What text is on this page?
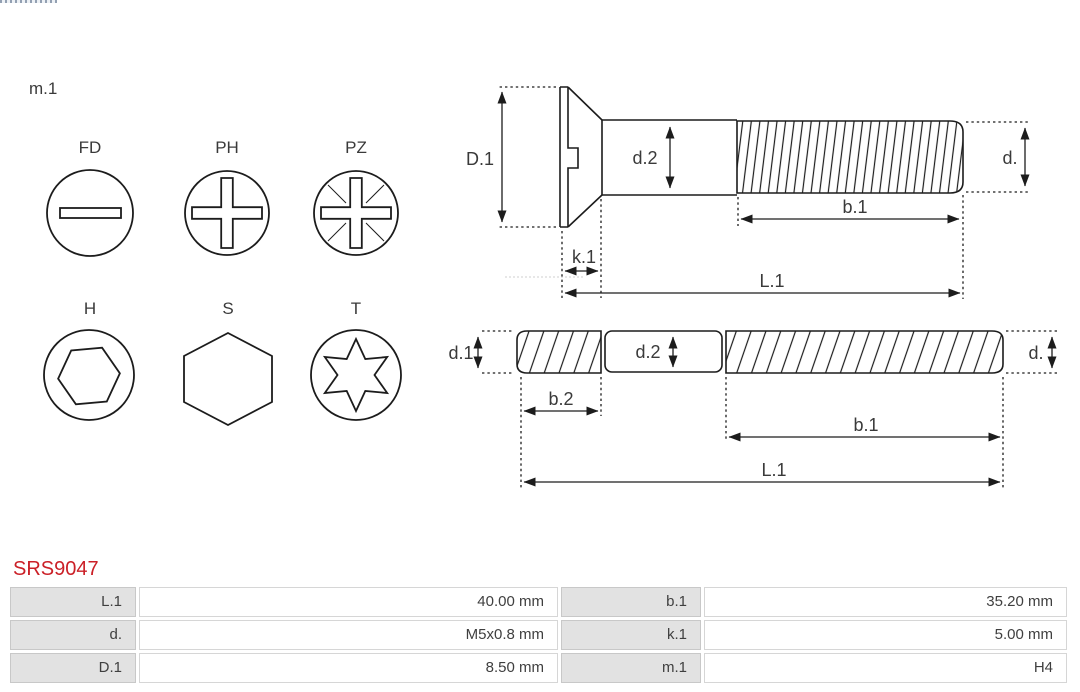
m.1
FD	PH	PZ
H	S	T
D.1	d.2	d.
b.1
k.1
L.1
d.1	d.2	d.
b.2
b.1
L.1
SRS9047
L.1	40.00 mm	b.1	35.20 mm
d.	M5x0.8 mm	k.1	5.00 mm
D.1	8.50 mm	m.1	H4
